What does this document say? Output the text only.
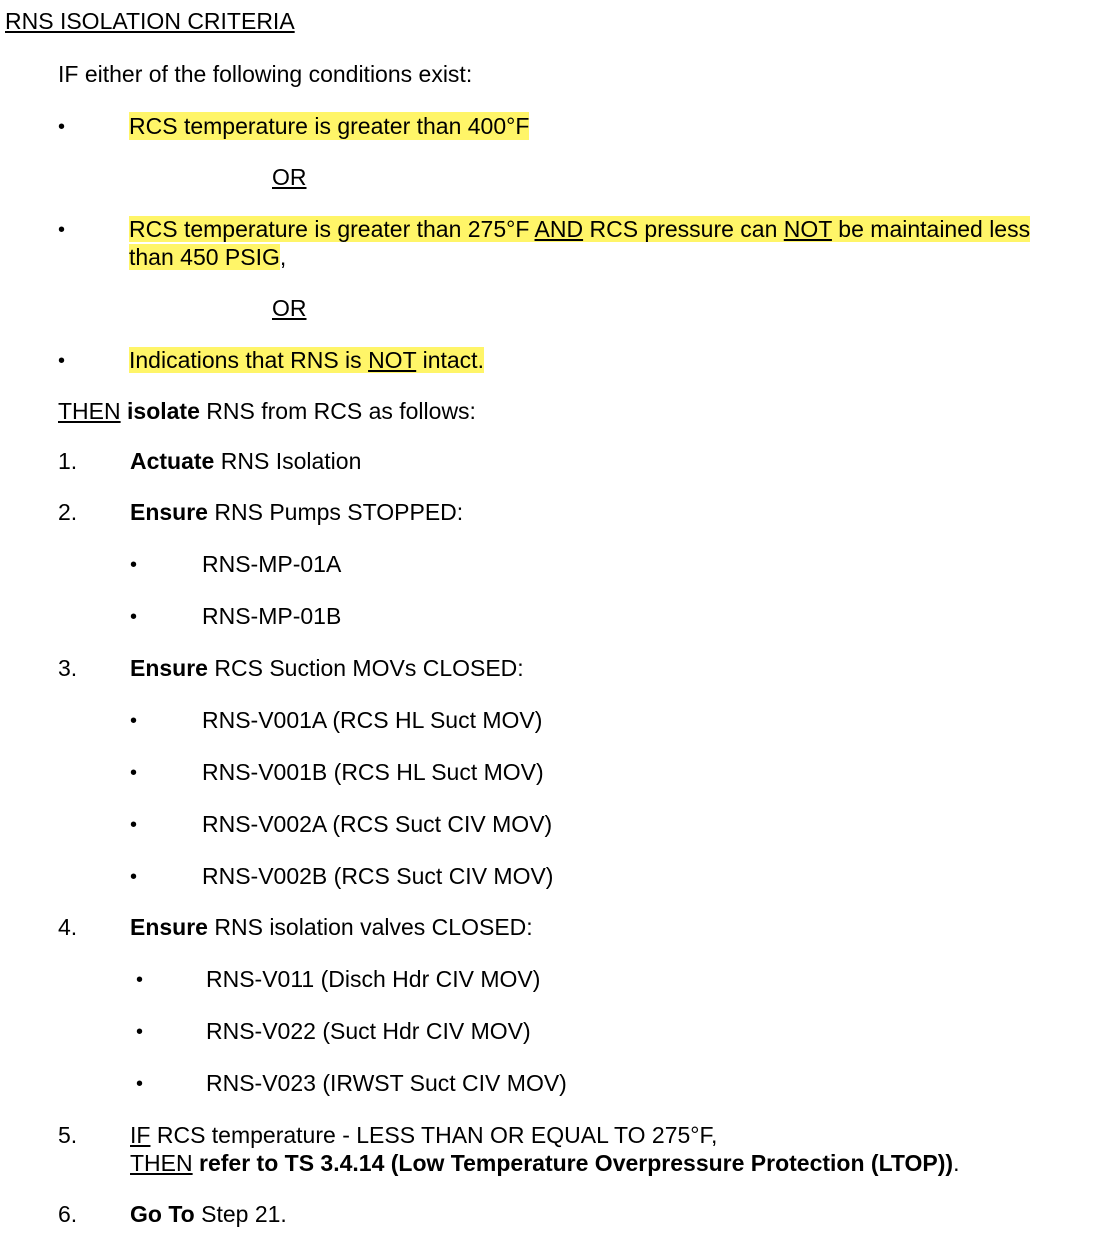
RNS ISOLATION CRITERIA
IF either of the following conditions exist:
•	RCS temperature is greater than 400°F
OR
•	RCS temperature is greater than 275°F AND RCS pressure can NOT be maintained less
than 450 PSIG,
OR
•	Indications that RNS is NOT intact.
THEN isolate RNS from RCS as follows:
1. Actuate RNS Isolation
2. Ensure RNS Pumps STOPPED:
•	RNS-MP-01A
•	RNS-MP-01B
3. Ensure RCS Suction MOVs CLOSED:
•	RNS-V001A (RCS HL Suct MOV)
•	RNS-V001B (RCS HL Suct MOV)
•	RNS-V002A (RCS Suct CIV MOV)
•	RNS-V002B (RCS Suct CIV MOV)
4. Ensure RNS isolation valves CLOSED:
•	RNS-V011 (Disch Hdr CIV MOV)
•	RNS-V022 (Suct Hdr CIV MOV)
•	RNS-V023 (IRWST Suct CIV MOV)
5. IF RCS temperature - LESS THAN OR EQUAL TO 275°F,
THEN refer to TS 3.4.14 (Low Temperature Overpressure Protection (LTOP)).
6. Go To Step 21.
